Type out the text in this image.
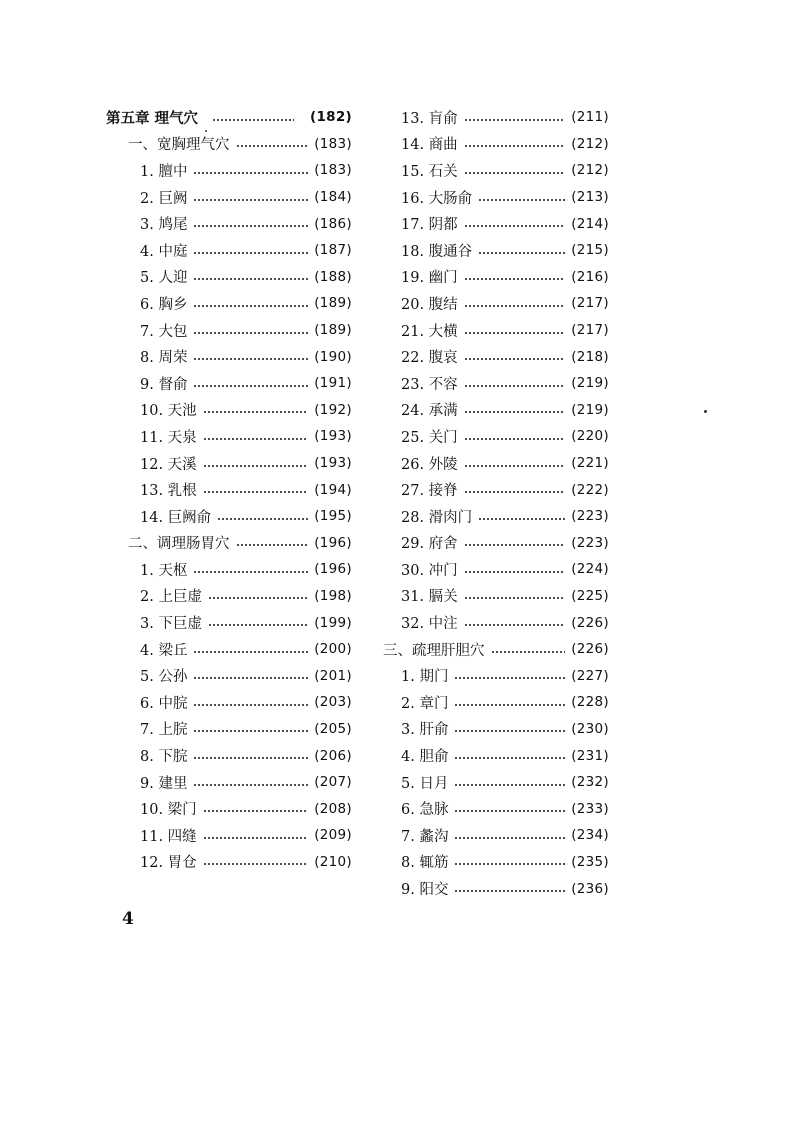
第五章 理气穴	(182)
一、宽胸理气穴	(183)
1. 膻中	(183)
2. 巨阙	(184)
3. 鸠尾	(186)
4. 中庭	(187)
5. 人迎	(188)
6. 胸乡	(189)
7. 大包	(189)
8. 周荣	(190)
9. 督俞	(191)
10. 天池	(192)
11. 天泉	(193)
12. 天溪	(193)
13. 乳根	(194)
14. 巨阙俞	(195)
二、调理肠胃穴	(196)
1. 天枢	(196)
2. 上巨虚	(198)
3. 下巨虚	(199)
4. 梁丘	(200)
5. 公孙	(201)
6. 中脘	(203)
7. 上脘	(205)
8. 下脘	(206)
9. 建里	(207)
10. 梁门	(208)
11. 四缝	(209)
12. 胃仓	(210)
13. 肓俞	(211)
14. 商曲	(212)
15. 石关	(212)
16. 大肠俞	(213)
17. 阴都	(214)
18. 腹通谷	(215)
19. 幽门	(216)
20. 腹结	(217)
21. 大横	(217)
22. 腹哀	(218)
23. 不容	(219)
24. 承满	(219)
25. 关门	(220)
26. 外陵	(221)
27. 接脊	(222)
28. 滑肉门	(223)
29. 府舍	(223)
30. 冲门	(224)
31. 膈关	(225)
32. 中注	(226)
三、疏理肝胆穴	(226)
1. 期门	(227)
2. 章门	(228)
3. 肝俞	(230)
4. 胆俞	(231)
5. 日月	(232)
6. 急脉	(233)
7. 蠡沟	(234)
8. 辄筋	(235)
9. 阳交	(236)
4
